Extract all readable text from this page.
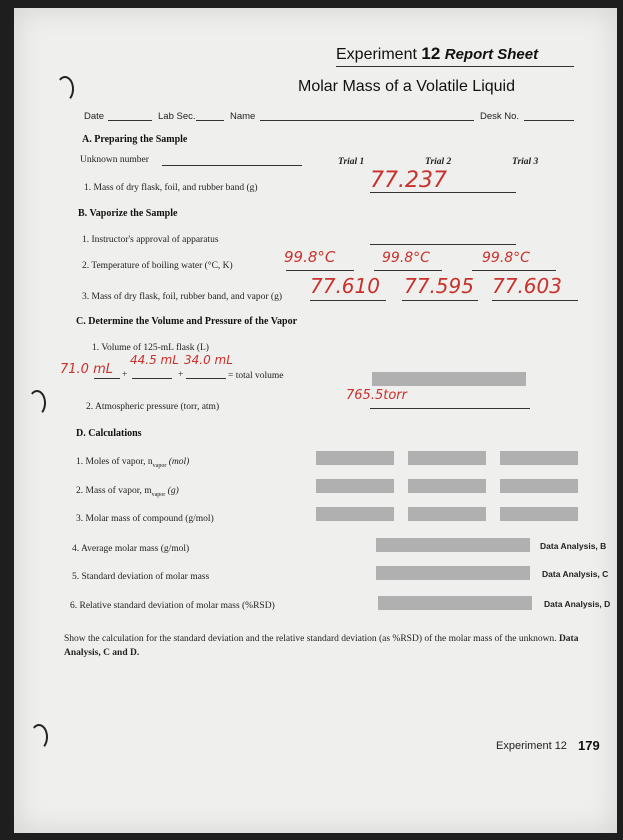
Experiment 12 Report Sheet
Molar Mass of a Volatile Liquid
Date	Lab Sec.	Name	Desk No.
A. Preparing the Sample
Unknown number	Trial 1	Trial 2	Trial 3
1. Mass of dry flask, foil, and rubber band (g)	77.237
B. Vaporize the Sample
1. Instructor's approval of apparatus
2. Temperature of boiling water (°C, K)	99.8°C	99.8°C	99.8°C
3. Mass of dry flask, foil, rubber band, and vapor (g) 77.610 77.595 77.603
C. Determine the Volume and Pressure of the Vapor
1. Volume of 125-mL flask (L)
71.0 mL
44.5 mL 34.0 mL
+	+	= total volume
2. Atmospheric pressure (torr, atm)
765.5torr
D. Calculations
1. Moles of vapor, $n_{vapor}$ (mol)
2. Mass of vapor, $m_{vapor}$ (g)
3. Molar mass of compound (g/mol)
4. Average molar mass (g/mol)	Data Analysis, B
5. Standard deviation of molar mass	Data Analysis, C
6. Relative standard deviation of molar mass (%RSD)	Data Analysis, D
Show the calculation for the standard deviation and the relative standard deviation (as %RSD) of the molar mass of the unknown. Data Analysis, C and D.
Experiment 12 179
